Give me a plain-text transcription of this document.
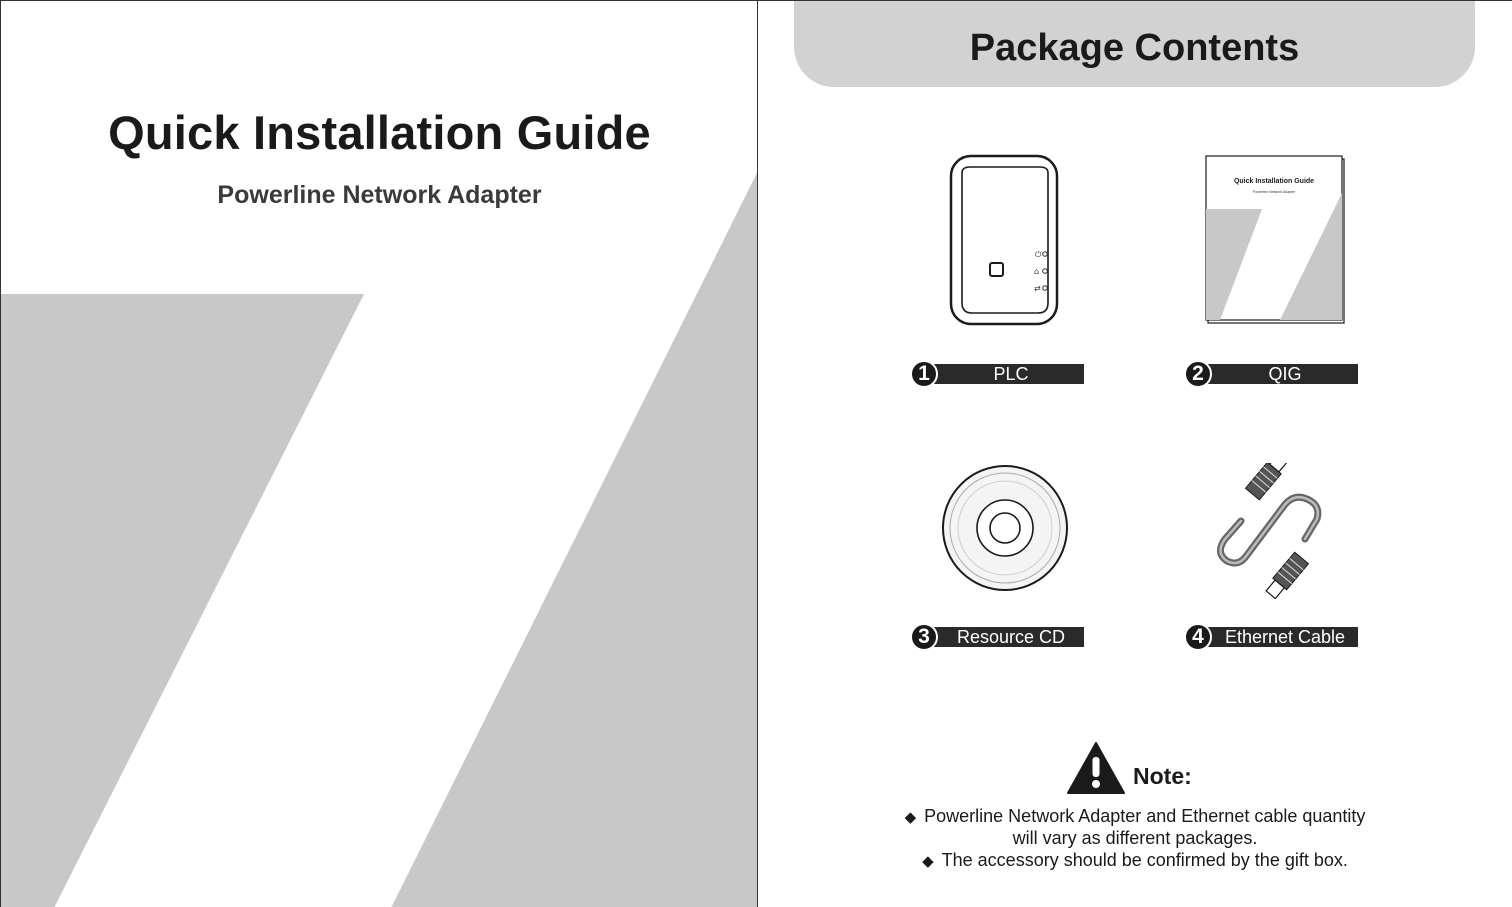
Quick Installation Guide
Powerline Network Adapter
Package Contents
⏻
⌂
⇄
Quick Installation Guide
Powerline Network Adapter
1	PLC	2	QIG
3	Resource CD	4	Ethernet Cable
Note:
◆ Powerline Network Adapter and Ethernet cable quantity
will vary as different packages.
◆ The accessory should be confirmed by the gift box.
